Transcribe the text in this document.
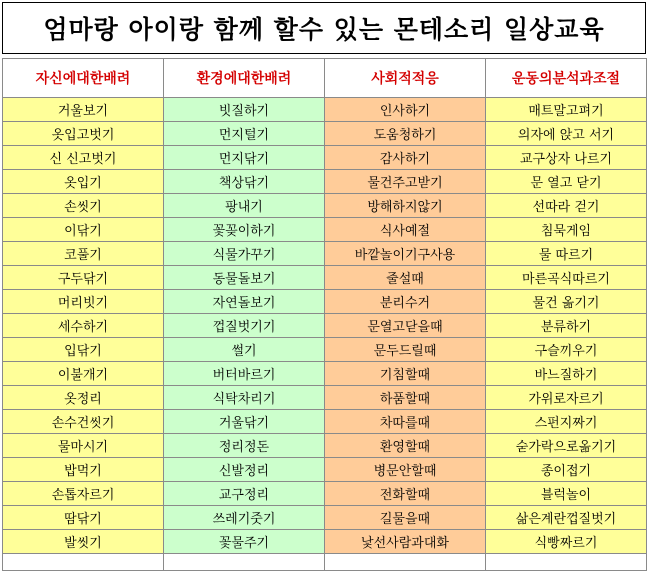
엄마랑 아이랑 함께 할수 있는 몬테소리 일상교육
자신에대한배려	환경에대한배려	사회적적응	운동의분석과조절
거울보기	빗질하기	인사하기	매트말고펴기
옷입고벗기	먼지털기	도움청하기	의자에 앉고 서기
신 신고벗기	먼지닦기	감사하기	교구상자 나르기
옷입기	책상닦기	물건주고받기	문 열고 닫기
손씻기	팡내기	방해하지않기	선따라 걷기
이닦기	꽃꽂이하기	식사예절	침묵게임
코풀기	식물가꾸기	바깥놀이기구사용	물 따르기
구두닦기	동물돌보기	줄설때	마른곡식따르기
머리빗기	자연돌보기	분리수거	물건 옮기기
세수하기	껍질벗기기	문열고닫을때	분류하기
입닦기	썰기	문두드릴때	구슬끼우기
이불개기	버터바르기	기침할때	바느질하기
옷정리	식탁차리기	하품할때	가위로자르기
손수건씻기	거울닦기	차따를때	스펀지짜기
물마시기	정리정돈	환영할때	숟가락으로옮기기
밥먹기	신발정리	병문안할때	종이접기
손톱자르기	교구정리	전화할때	블럭놀이
땀닦기	쓰레기줏기	길물을때	삶은계란껍질벗기
발씻기	꽃물주기	낯선사람과대화	식빵짜르기
